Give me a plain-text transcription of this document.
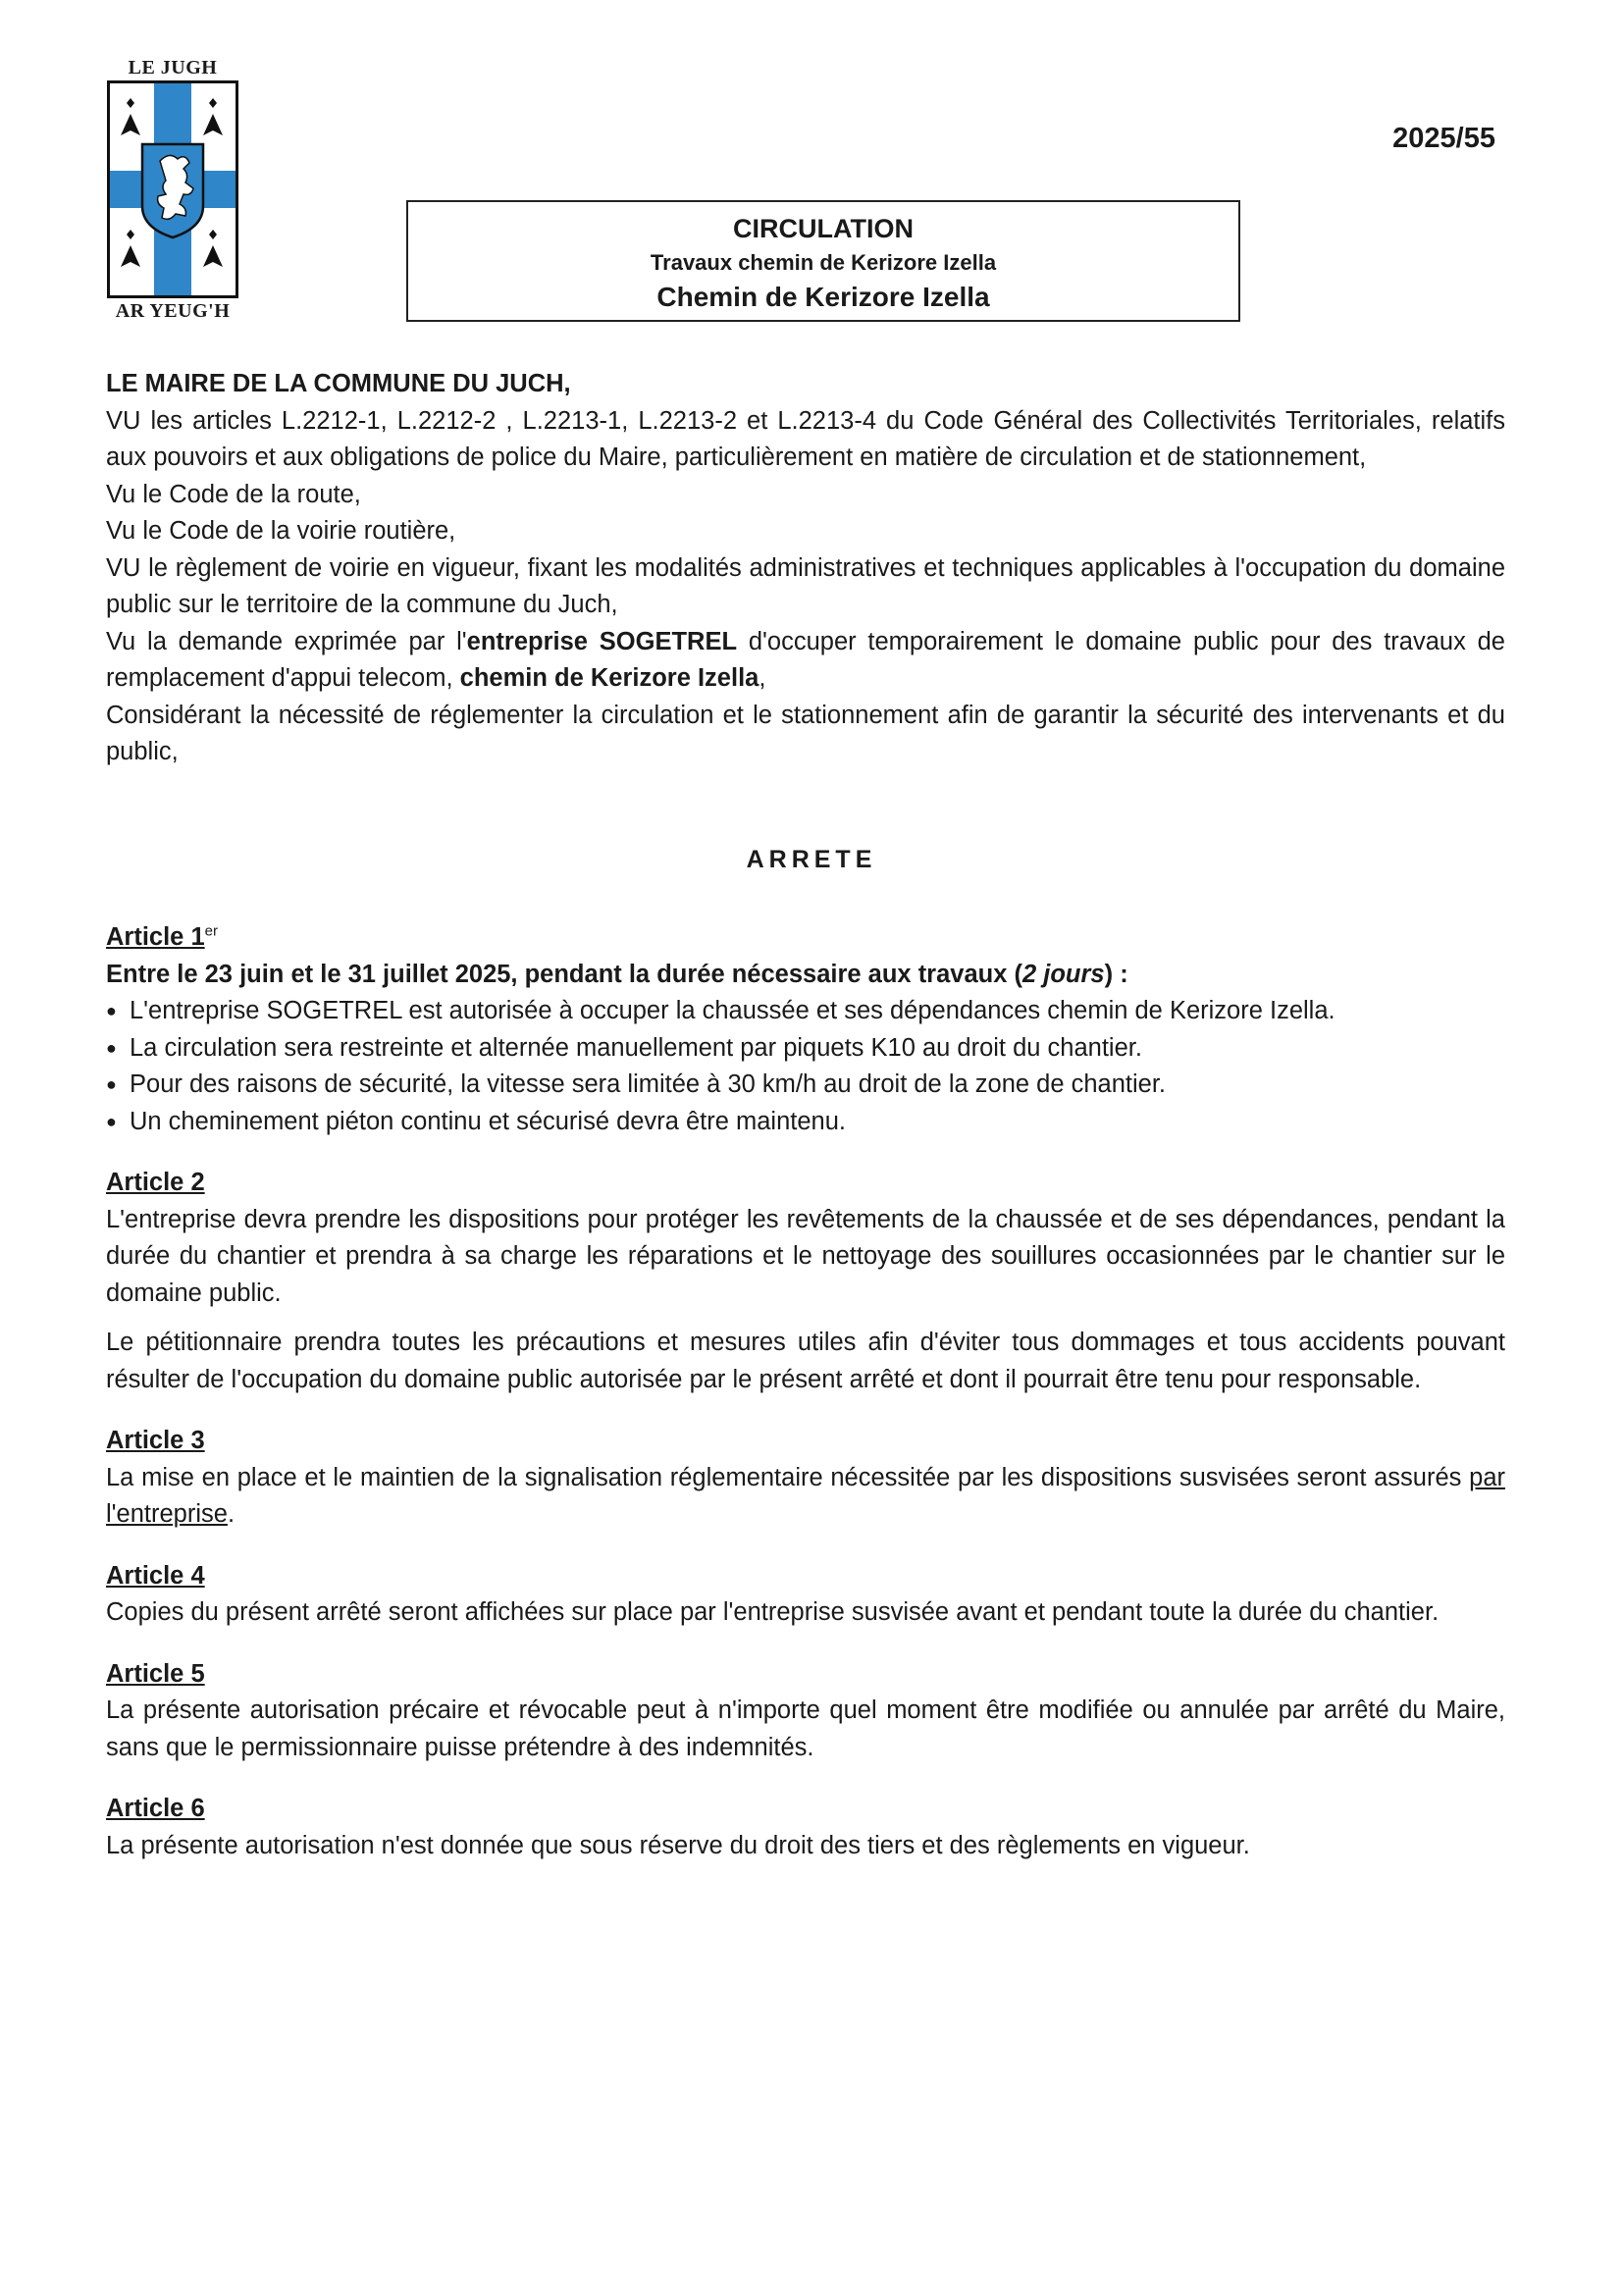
LE JUGH
AR YEUG'H
2025/55
CIRCULATION
Travaux chemin de Kerizore Izella
Chemin de Kerizore Izella

LE MAIRE DE LA COMMUNE DU JUCH,

VU les articles L.2212-1, L.2212-2 , L.2213-1, L.2213-2 et L.2213-4 du Code Général des Collectivités Territoriales, relatifs aux pouvoirs et aux obligations de police du Maire, particulièrement en matière de circulation et de stationnement,

Vu le Code de la route,

Vu le Code de la voirie routière,

VU le règlement de voirie en vigueur, fixant les modalités administratives et techniques applicables à l'occupation du domaine public sur le territoire de la commune du Juch,

Vu la demande exprimée par l'entreprise SOGETREL d'occuper temporairement le domaine public pour des travaux de remplacement d'appui telecom, chemin de Kerizore Izella,

Considérant la nécessité de réglementer la circulation et le stationnement afin de garantir la sécurité des intervenants et du public,

ARRETE

Article 1er

Entre le 23 juin et le 31 juillet 2025, pendant la durée nécessaire aux travaux (2 jours) :

● L'entreprise SOGETREL est autorisée à occuper la chaussée et ses dépendances chemin de Kerizore Izella.

● La circulation sera restreinte et alternée manuellement par piquets K10 au droit du chantier.

● Pour des raisons de sécurité, la vitesse sera limitée à 30 km/h au droit de la zone de chantier.

● Un cheminement piéton continu et sécurisé devra être maintenu.

Article 2

L'entreprise devra prendre les dispositions pour protéger les revêtements de la chaussée et de ses dépendances, pendant la durée du chantier et prendra à sa charge les réparations et le nettoyage des souillures occasionnées par le chantier sur le domaine public.

Le pétitionnaire prendra toutes les précautions et mesures utiles afin d'éviter tous dommages et tous accidents pouvant résulter de l'occupation du domaine public autorisée par le présent arrêté et dont il pourrait être tenu pour responsable.

Article 3

La mise en place et le maintien de la signalisation réglementaire nécessitée par les dispositions susvisées seront assurés par l'entreprise.

Article 4

Copies du présent arrêté seront affichées sur place par l'entreprise susvisée avant et pendant toute la durée du chantier.

Article 5

La présente autorisation précaire et révocable peut à n'importe quel moment être modifiée ou annulée par arrêté du Maire, sans que le permissionnaire puisse prétendre à des indemnités.

Article 6

La présente autorisation n'est donnée que sous réserve du droit des tiers et des règlements en vigueur.
